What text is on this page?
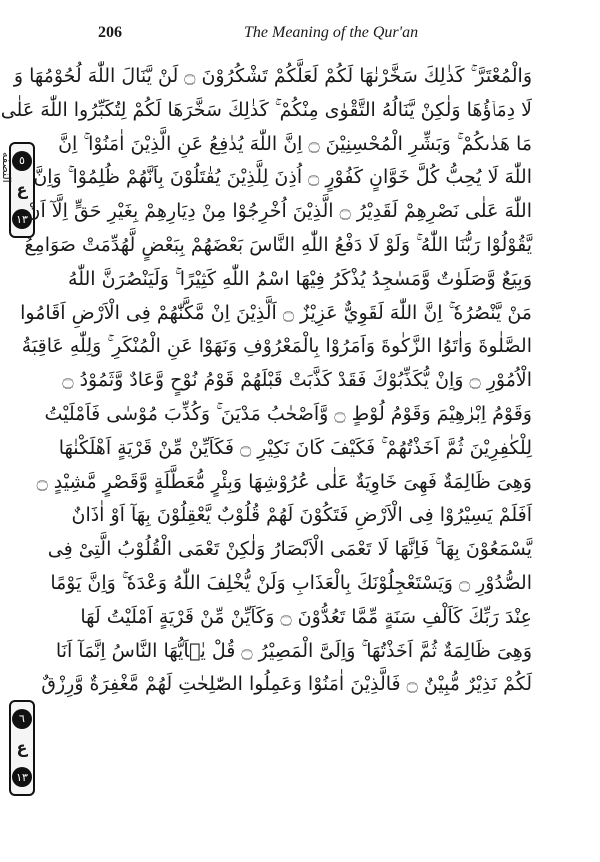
206	The Meaning of the Qur'an
النصفه ٥
ع
١٣
٦
ع
١٣
وَالْمُعْتَرَّ ۚ كَذٰلِكَ سَخَّرْنٰهَا لَكُمْ لَعَلَّكُمْ تَشْكُرُوْنَ ۝ لَنْ يَّنَالَ اللّٰهَ لُحُوْمُهَا وَ
لَا دِمَاۤؤُهَا وَلٰكِنْ يَّنَالُهُ التَّقْوٰى مِنْكُمْ ۚ كَذٰلِكَ سَخَّرَهَا لَكُمْ لِتُكَبِّرُوا اللّٰهَ عَلٰى
مَا هَدٰىكُمْ ۚ وَبَشِّرِ الْمُحْسِنِيْنَ ۝ اِنَّ اللّٰهَ يُدٰفِعُ عَنِ الَّذِيْنَ اٰمَنُوْا ۚ اِنَّ
اللّٰهَ لَا يُحِبُّ كُلَّ خَوَّانٍ كَفُوْرٍ ۝ اُذِنَ لِلَّذِيْنَ يُقٰتَلُوْنَ بِاَنَّهُمْ ظُلِمُوْا ۚ وَاِنَّ
اللّٰهَ عَلٰى نَصْرِهِمْ لَقَدِيْرُ ۝ الَّذِيْنَ اُخْرِجُوْا مِنْ دِيَارِهِمْ بِغَيْرِ حَقٍّ اِلَّآ اَنْ
يَّقُوْلُوْا رَبُّنَا اللّٰهُ ۚ وَلَوْ لَا دَفْعُ اللّٰهِ النَّاسَ بَعْضَهُمْ بِبَعْضٍ لَّهُدِّمَتْ صَوَامِعُ
وَبِيَعٌ وَّصَلَوٰتٌ وَّمَسٰجِدُ يُذْكَرُ فِيْهَا اسْمُ اللّٰهِ كَثِيْرًا ۚ وَلَيَنْصُرَنَّ اللّٰهُ
مَنْ يَّنْصُرُهٗ ۚ اِنَّ اللّٰهَ لَقَوِيٌّ عَزِيْزٌ ۝ اَلَّذِيْنَ اِنْ مَّكَّنّٰهُمْ فِى الْاَرْضِ اَقَامُوا
الصَّلٰوةَ وَاٰتَوُا الزَّكٰوةَ وَاَمَرُوْا بِالْمَعْرُوْفِ وَنَهَوْا عَنِ الْمُنْكَرِ ۚ وَلِلّٰهِ عَاقِبَةُ
الْاُمُوْرِ ۝ وَاِنْ يُّكَذِّبُوْكَ فَقَدْ كَذَّبَتْ قَبْلَهُمْ قَوْمُ نُوْحٍ وَّعَادٌ وَّثَمُوْدُ ۝
وَقَوْمُ اِبْرٰهِيْمَ وَقَوْمُ لُوْطٍ ۝ وَّاَصْحٰبُ مَدْيَنَ ۚ وَكُذِّبَ مُوْسٰى فَاَمْلَيْتُ
لِلْكٰفِرِيْنَ ثُمَّ اَخَذْتُهُمْ ۚ فَكَيْفَ كَانَ نَكِيْرِ ۝ فَكَاَيِّنْ مِّنْ قَرْيَةٍ اَهْلَكْنٰهَا
وَهِىَ ظَالِمَةٌ فَهِىَ خَاوِيَةٌ عَلٰى عُرُوْشِهَا وَبِئْرٍ مُّعَطَّلَةٍ وَّقَصْرٍ مَّشِيْدٍ ۝
اَفَلَمْ يَسِيْرُوْا فِى الْاَرْضِ فَتَكُوْنَ لَهُمْ قُلُوْبٌ يَّعْقِلُوْنَ بِهَآ اَوْ اٰذَانٌ
يَّسْمَعُوْنَ بِهَا ۚ فَاِنَّهَا لَا تَعْمَى الْاَبْصَارُ وَلٰكِنْ تَعْمَى الْقُلُوْبُ الَّتِىْ فِى
الصُّدُوْرِ ۝ وَيَسْتَعْجِلُوْنَكَ بِالْعَذَابِ وَلَنْ يُّخْلِفَ اللّٰهُ وَعْدَهٗ ۚ وَاِنَّ يَوْمًا
عِنْدَ رَبِّكَ كَاَلْفِ سَنَةٍ مِّمَّا تَعُدُّوْنَ ۝ وَكَاَيِّنْ مِّنْ قَرْيَةٍ اَمْلَيْتُ لَهَا
وَهِىَ ظَالِمَةٌ ثُمَّ اَخَذْتُهَا ۚ وَاِلَىَّ الْمَصِيْرُ ۝ قُلْ يٰۤاَيُّهَا النَّاسُ اِنَّمَآ اَنَا
لَكُمْ نَذِيْرٌ مُّبِيْنٌ ۝ فَالَّذِيْنَ اٰمَنُوْا وَعَمِلُوا الصّٰلِحٰتِ لَهُمْ مَّغْفِرَةٌ وَّرِزْقٌ
